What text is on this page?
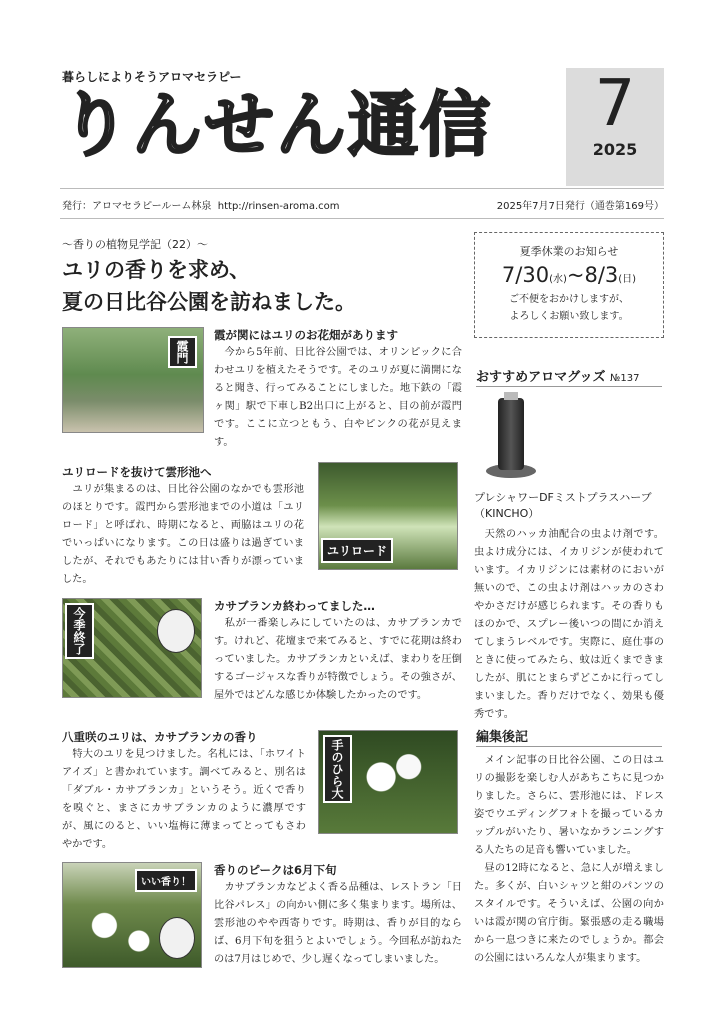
暮らしによりそうアロマセラピー
りんせん通信	7
2025
発行：アロマセラピールーム林泉 http://rinsen-aroma.com	2025年7月7日発行（通巻第169号）
～香りの植物見学記（22）～
ユリの香りを求め、
夏の日比谷公園を訪ねました。
霞門
霞が関にはユリのお花畑があります
　今から5年前、日比谷公園では、オリンピックに合わせユリを植えたそうです。そのユリが夏に満開になると聞き、行ってみることにしました。地下鉄の「霞ヶ関」駅で下車しB2出口に上がると、目の前が霞門です。ここに立つともう、白やピンクの花が見えます。
ユリロードを抜けて雲形池へ
　ユリが集まるのは、日比谷公園のなかでも雲形池のほとりです。霞門から雲形池までの小道は「ユリロード」と呼ばれ、時期になると、両脇はユリの花でいっぱいになります。この日は盛りは過ぎていましたが、それでもあたりには甘い香りが漂っていました。
ユリロード
今季終了
カサブランカ終わってました…
　私が一番楽しみにしていたのは、カサブランカです。けれど、花壇まで来てみると、すでに花期は終わっていました。カサブランカといえば、まわりを圧倒するゴージャスな香りが特徴でしょう。その強さが、屋外ではどんな感じか体験したかったのです。
八重咲のユリは、カサブランカの香り
　特大のユリを見つけました。名札には、「ホワイトアイズ」と書かれています。調べてみると、別名は「ダブル・カサブランカ」というそう。近くで香りを嗅ぐと、まさにカサブランカのように濃厚ですが、風にのると、いい塩梅に薄まってとってもさわやかです。
手のひら大
いい香り！
香りのピークは6月下旬
　カサブランカなどよく香る品種は、レストラン「日比谷パレス」の向かい側に多く集まります。場所は、雲形池のやや西寄りです。時期は、香りが目的ならば、6月下旬を狙うとよいでしょう。今回私が訪ねたのは7月はじめで、少し遅くなってしまいました。
夏季休業のお知らせ
7/30(水)~8/3(日)
ご不便をおかけしますが、
よろしくお願い致します。
おすすめアロマグッズ №137
プレシャワーDFミストプラスハーブ
（KINCHO）
　天然のハッカ油配合の虫よけ剤です。虫よけ成分には、イカリジンが使われています。イカリジンには素材のにおいが無いので、この虫よけ剤はハッカのさわやかさだけが感じられます。その香りもほのかで、スプレー後いつの間にか消えてしまうレベルです。実際に、庭仕事のときに使ってみたら、蚊は近くまできましたが、肌にとまらずどこかに行ってしまいました。香りだけでなく、効果も優秀です。
編集後記
　メイン記事の日比谷公園、この日はユリの撮影を楽しむ人があちこちに見つかりました。さらに、雲形池には、ドレス姿でウエディングフォトを撮っているカップルがいたり、暑いなかランニングする人たちの足音も響いていました。
　昼の12時になると、急に人が増えました。多くが、白いシャツと紺のパンツのスタイルです。そういえば、公園の向かいは霞が関の官庁街。緊張感の走る職場から一息つきに来たのでしょうか。都会の公園にはいろんな人が集まります。
